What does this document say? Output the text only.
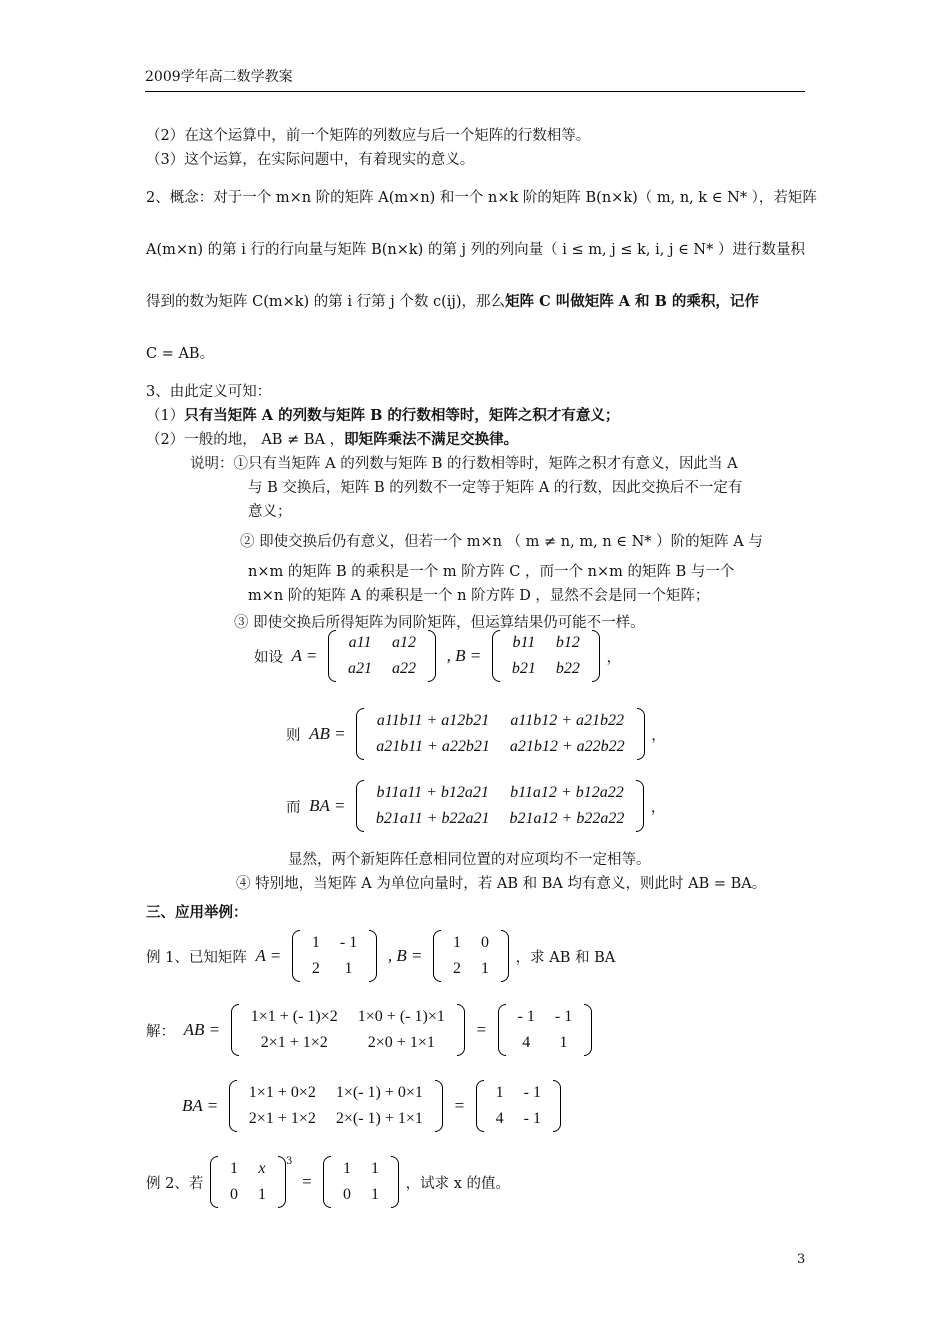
2009学年高二数学教案
（2）在这个运算中，前一个矩阵的列数应与后一个矩阵的行数相等。
（3）这个运算，在实际问题中，有着现实的意义。
2、概念：对于一个 m×n 阶的矩阵 A(m×n) 和一个 n×k 阶的矩阵 B(n×k)（ m, n, k ∈ N* ），若矩阵
A(m×n) 的第 i 行的行向量与矩阵 B(n×k) 的第 j 列的列向量（ i ≤ m, j ≤ k, i, j ∈ N* ）进行数量积
得到的数为矩阵 C(m×k) 的第 i 行第 j 个数 c(ij)，那么矩阵 C 叫做矩阵 A 和 B 的乘积，记作
C = AB。
3、由此定义可知：
（1）只有当矩阵 A 的列数与矩阵 B 的行数相等时，矩阵之积才有意义；
（2）一般的地， AB ≠ BA ，即矩阵乘法不满足交换律。
说明：①只有当矩阵 A 的列数与矩阵 B 的行数相等时，矩阵之积才有意义，因此当 A
与 B 交换后，矩阵 B 的列数不一定等于矩阵 A 的行数，因此交换后不一定有
意义；
② 即使交换后仍有意义，但若一个 m×n （ m ≠ n, m, n ∈ N* ）阶的矩阵 A 与
n×m 的矩阵 B 的乘积是一个 m 阶方阵 C ，而一个 n×m 的矩阵 B 与一个
m×n 阶的矩阵 A 的乘积是一个 n 阶方阵 D ，显然不会是同一个矩阵；
③ 即使交换后所得矩阵为同阶矩阵，但运算结果仍可能不一样。
如设 A =
a11	a12
a21	a22
, B =
b11	b12
b21	b22
，
则 AB =
a11b11 + a12b21	a11b12 + a21b22
a21b11 + a22b21	a21b12 + a22b22
，
而 BA =
b11a11 + b12a21	b11a12 + b12a22
b21a11 + b22a21	b21a12 + b22a22
，
显然，两个新矩阵任意相同位置的对应项均不一定相等。
④ 特别地，当矩阵 A 为单位向量时，若 AB 和 BA 均有意义，则此时 AB = BA。
三、应用举例：
例 1、已知矩阵 A =
1	- 1
2	1
, B =
1	0
2	1
，求 AB 和 BA
解： AB =
1×1 + (- 1)×2	1×0 + (- 1)×1
2×1 + 1×2	2×0 + 1×1
=
- 1	- 1
4	1
BA =
1×1 + 0×2	1×(- 1) + 0×1
2×1 + 1×2	2×(- 1) + 1×1
=
1	- 1
4	- 1
例 2、若
1	x
0	1
3 =
1	1
0	1
，试求 x 的值。
3
